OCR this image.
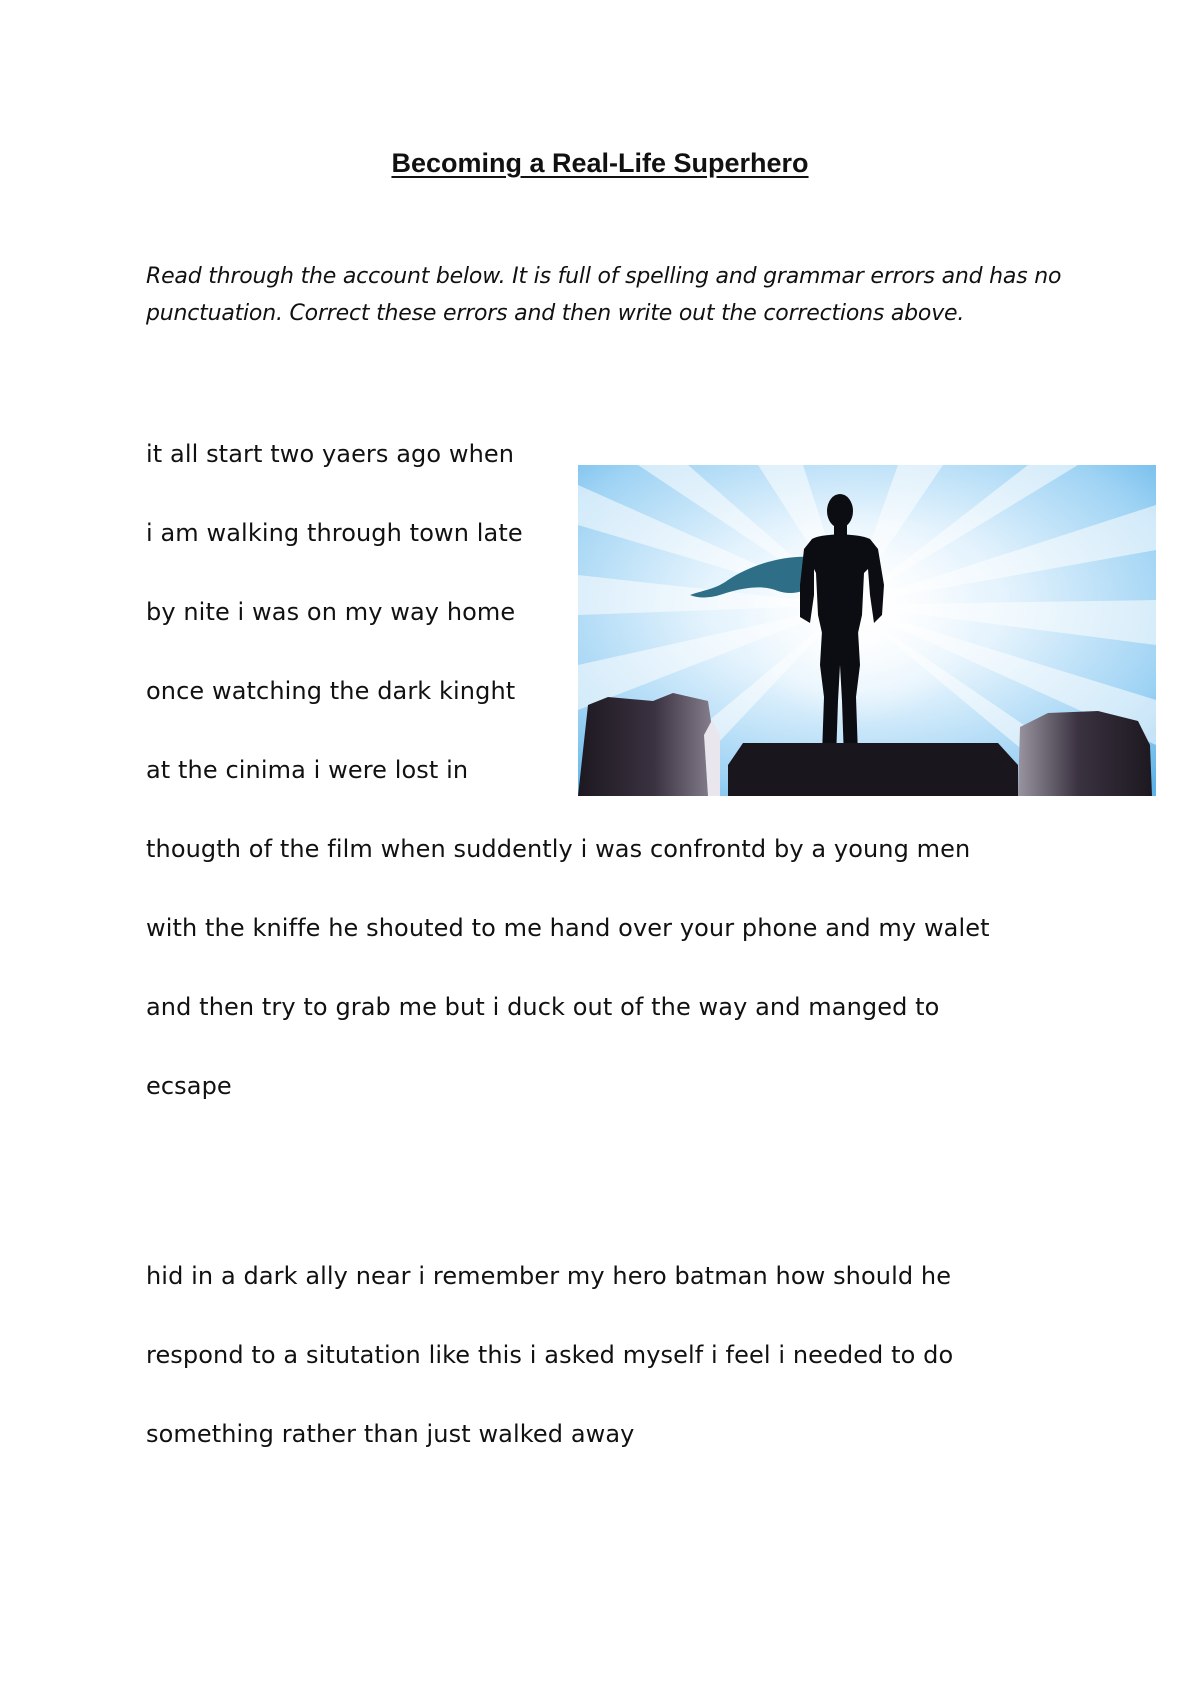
Becoming a Real-Life Superhero

Read through the account below. It is full of spelling and grammar errors and has no punctuation. Correct these errors and then write out the corrections above.

it all start two yaers ago when

i am walking through town late

by nite i was on my way home

once watching the dark kinght

at the cinima i were lost in

thougth of the film when suddently i was confrontd by a young men

with the kniffe he shouted to me hand over your phone and my walet

and then try to grab me but i duck out of the way and manged to

ecsape

hid in a dark ally near i remember my hero batman how should he

respond to a situtation like this i asked myself i feel i needed to do

something rather than just walked away
